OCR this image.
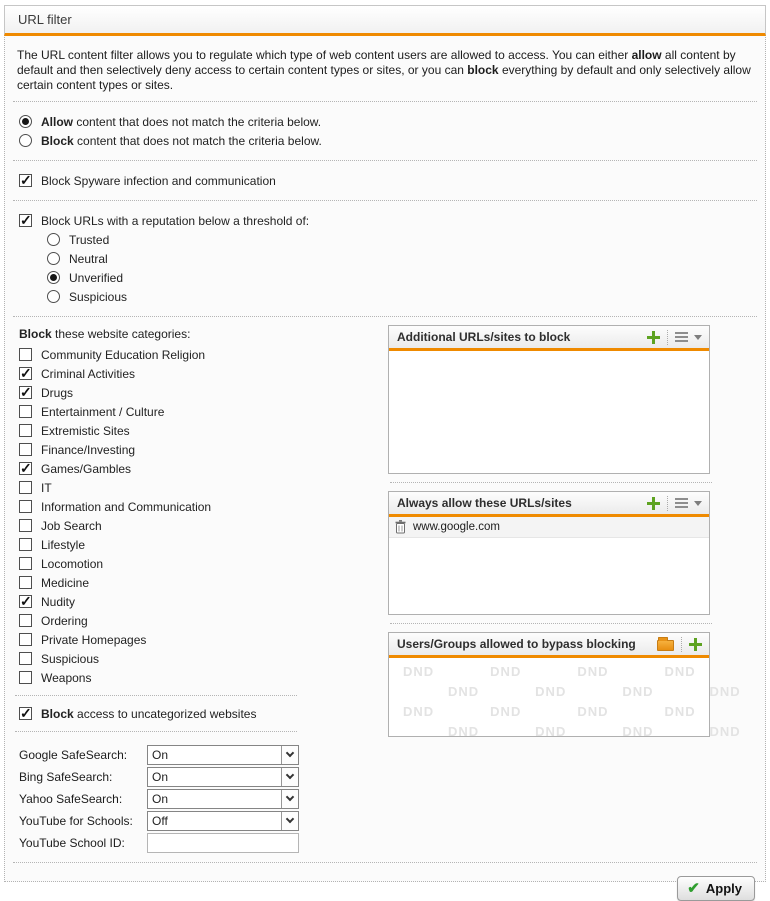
URL filter

The URL content filter allows you to regulate which type of web content users are allowed to access. You can either allow all content by default and then selectively deny access to certain content types or sites, or you can block everything by default and only selectively allow certain content types or sites.

Allow content that does not match the criteria below.
Block content that does not match the criteria below.
✓
Block Spyware infection and communication
✓
Block URLs with a reputation below a threshold of:
Trusted
Neutral
Unverified
Suspicious
Block these website categories:
Community Education Religion
✓
Criminal Activities
✓
Drugs
Entertainment / Culture
Extremistic Sites
Finance/Investing
✓
Games/Gambles
IT
Information and Communication
Job Search
Lifestyle
Locomotion
Medicine
✓
Nudity
Ordering
Private Homepages
Suspicious
Weapons
✓
Block access to uncategorized websites
Google SafeSearch:	On
Bing SafeSearch:	On
Yahoo SafeSearch:	On
YouTube for Schools:	Off
YouTube School ID:
Additional URLs/sites to block
Always allow these URLs/sites
www.google.com
Users/Groups allowed to bypass blocking
DND	DND	DND	DND
DND	DND	DND	DND
DND	DND	DND	DND
DND	DND	DND	DND
✔ Apply
